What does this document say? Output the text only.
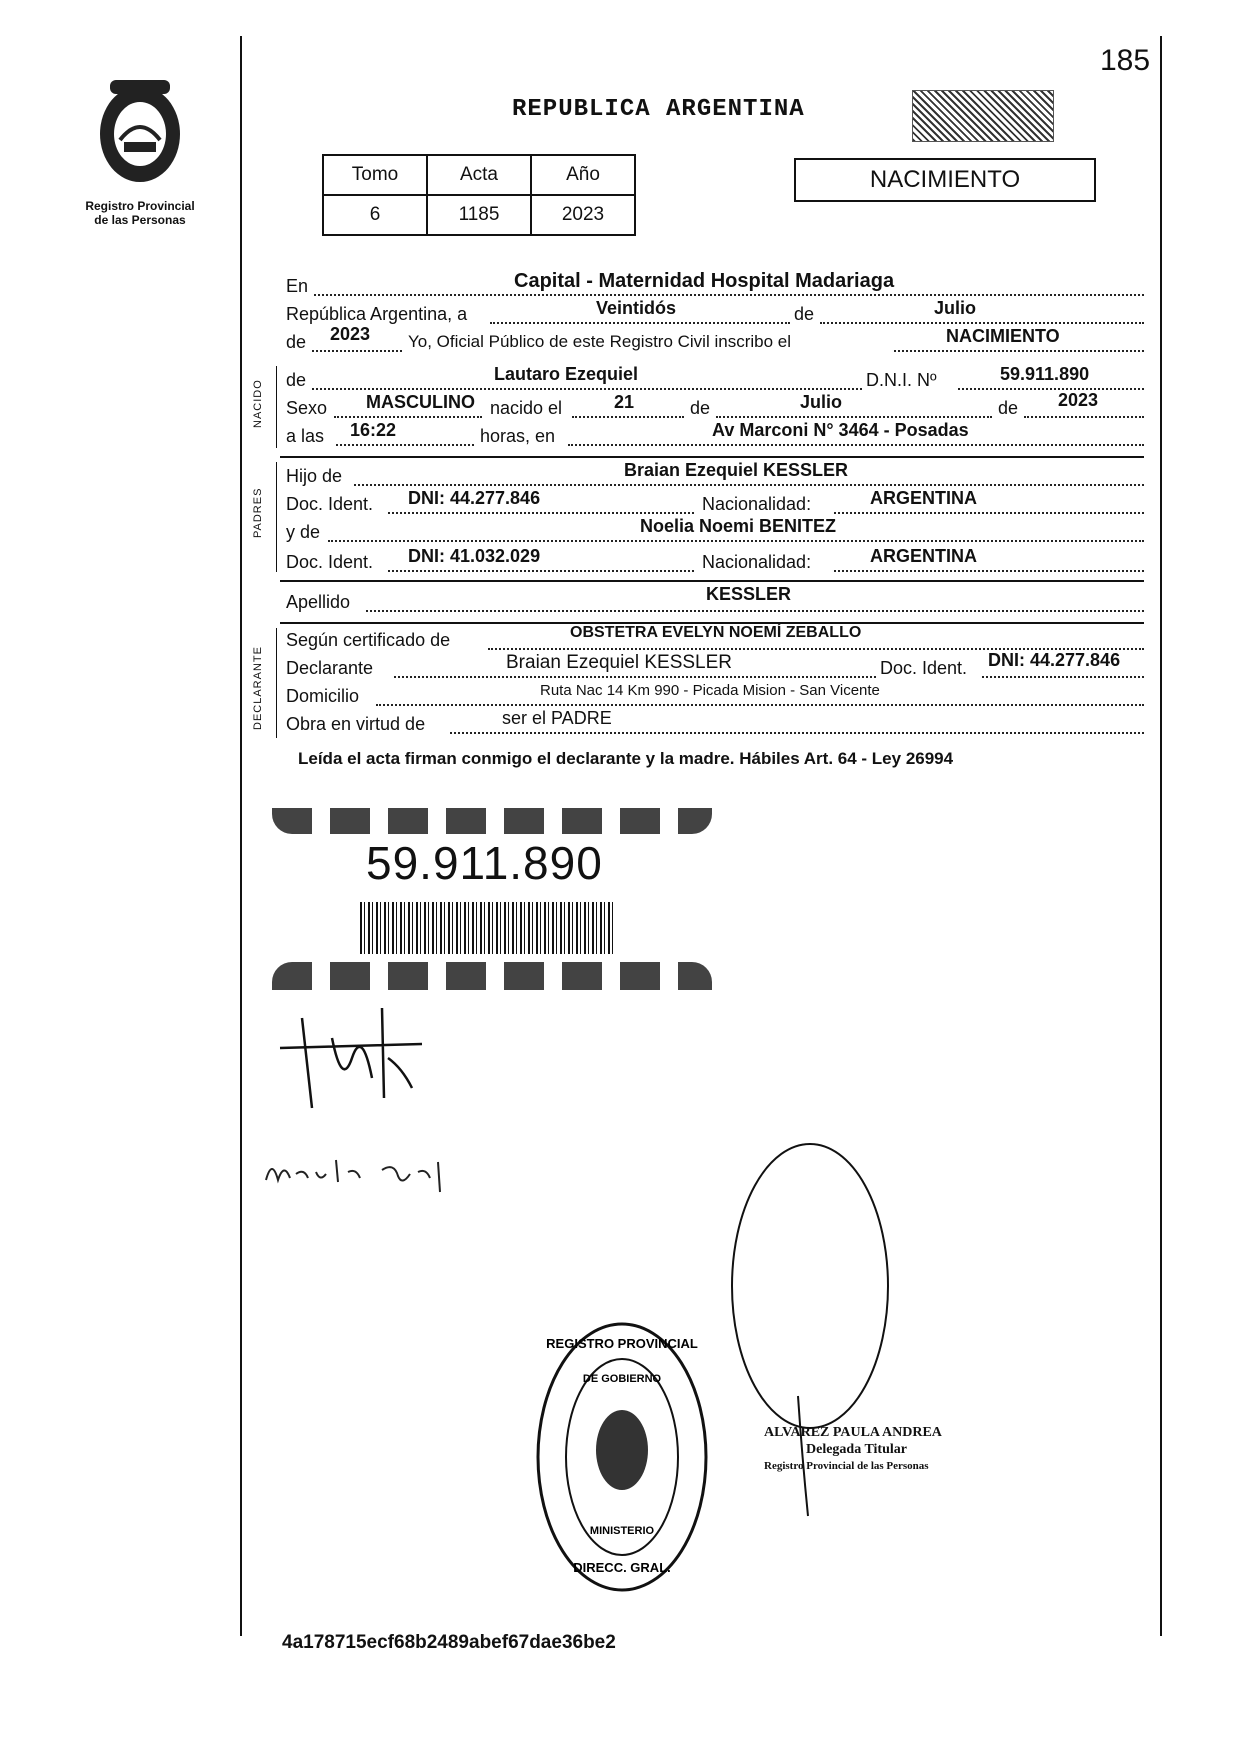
185
Registro Provincial
de las Personas
REPUBLICA ARGENTINA
Tomo	Acta	Año
6	1185	2023
NACIMIENTO
En	Capital - Maternidad Hospital Madariaga
República Argentina, a	Veintidós	de	Julio
de 2023 Yo, Oficial Público de este Registro Civil inscribo el	NACIMIENTO
NACIDO de	Lautaro Ezequiel	D.N.I. Nº	59.911.890
Sexo MASCULINO nacido el	21	de	Julio	de 2023
a las 16:22	horas, en	Av Marconi N° 3464 - Posadas
PADRES
Hijo de	Braian Ezequiel KESSLER
Doc. Ident. DNI: 44.277.846	Nacionalidad:	ARGENTINA
y de	Noelia Noemi BENITEZ
Doc. Ident. DNI: 41.032.029	Nacionalidad:	ARGENTINA
Apellido	KESSLER
DECLARANTE
Según certificado de	OBSTETRA EVELYN NOEMÍ ZEBALLO
Declarante	Braian Ezequiel KESSLER	Doc. Ident. DNI: 44.277.846
Domicilio	Ruta Nac 14 Km 990 - Picada Mision - San Vicente
Obra en virtud de	ser el PADRE
Leída el acta firman conmigo el declarante y la madre. Hábiles Art. 64 - Ley 26994
59.911.890
REGISTRO PROVINCIAL
DE GOBIERNO
MINISTERIO
DIRECC. GRAL.
ALVAREZ PAULA ANDREA
Delegada Titular
Registro Provincial de las Personas
4a178715ecf68b2489abef67dae36be2
